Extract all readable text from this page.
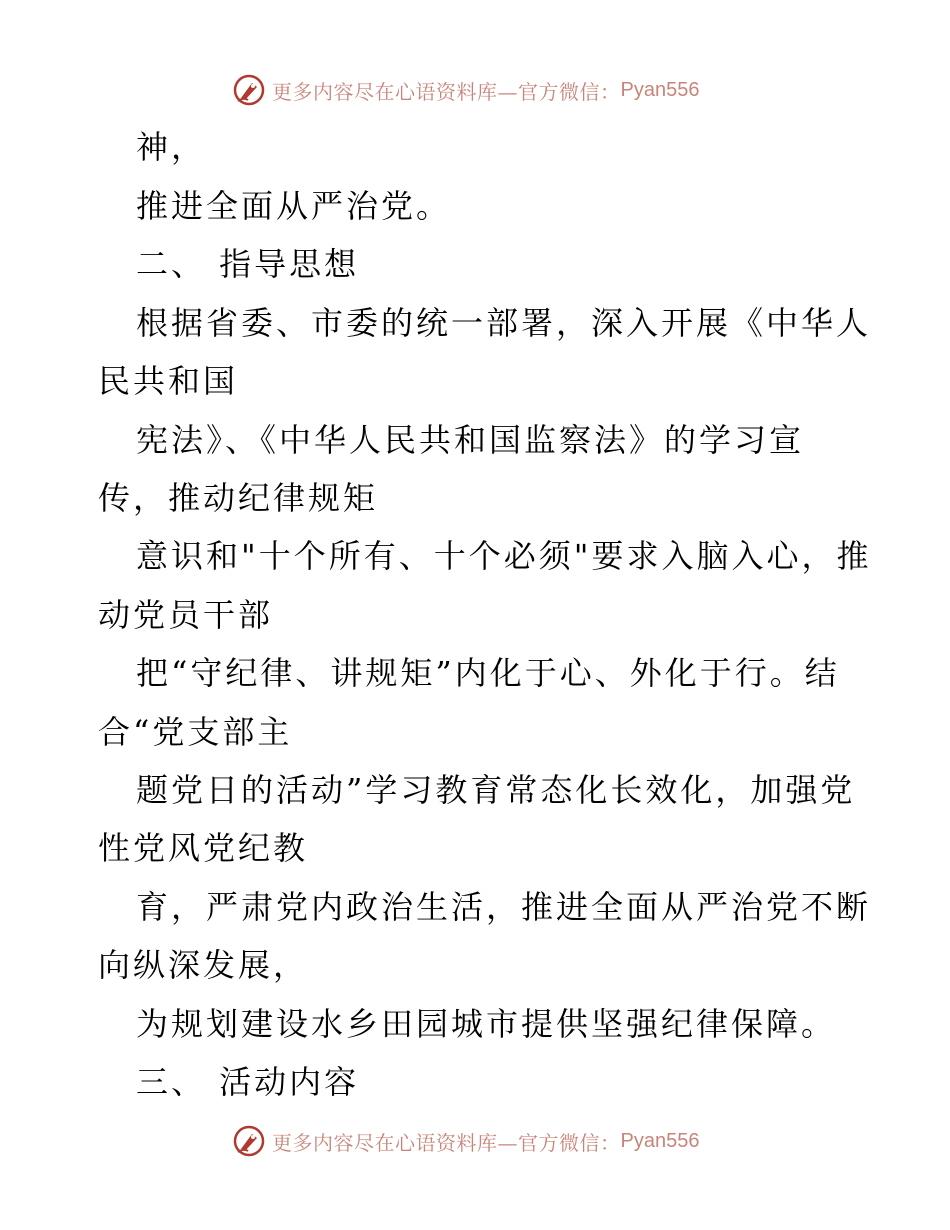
更多内容尽在心语资料库—官方微信： Pyan556
神，
推进全面从严治党。
二、 指导思想
根据省委、市委的统一部署，深入开展《中华人
民共和国
宪法》、《中华人民共和国监察法》的学习宣
传，推动纪律规矩
意识和"十个所有、十个必须"要求入脑入心，推
动党员干部
把“守纪律、讲规矩”内化于心、外化于行。结
合“党支部主
题党日的活动”学习教育常态化长效化，加强党
性党风党纪教
育，严肃党内政治生活，推进全面从严治党不断
向纵深发展，
为规划建设水乡田园城市提供坚强纪律保障。
三、 活动内容
更多内容尽在心语资料库—官方微信： Pyan556
